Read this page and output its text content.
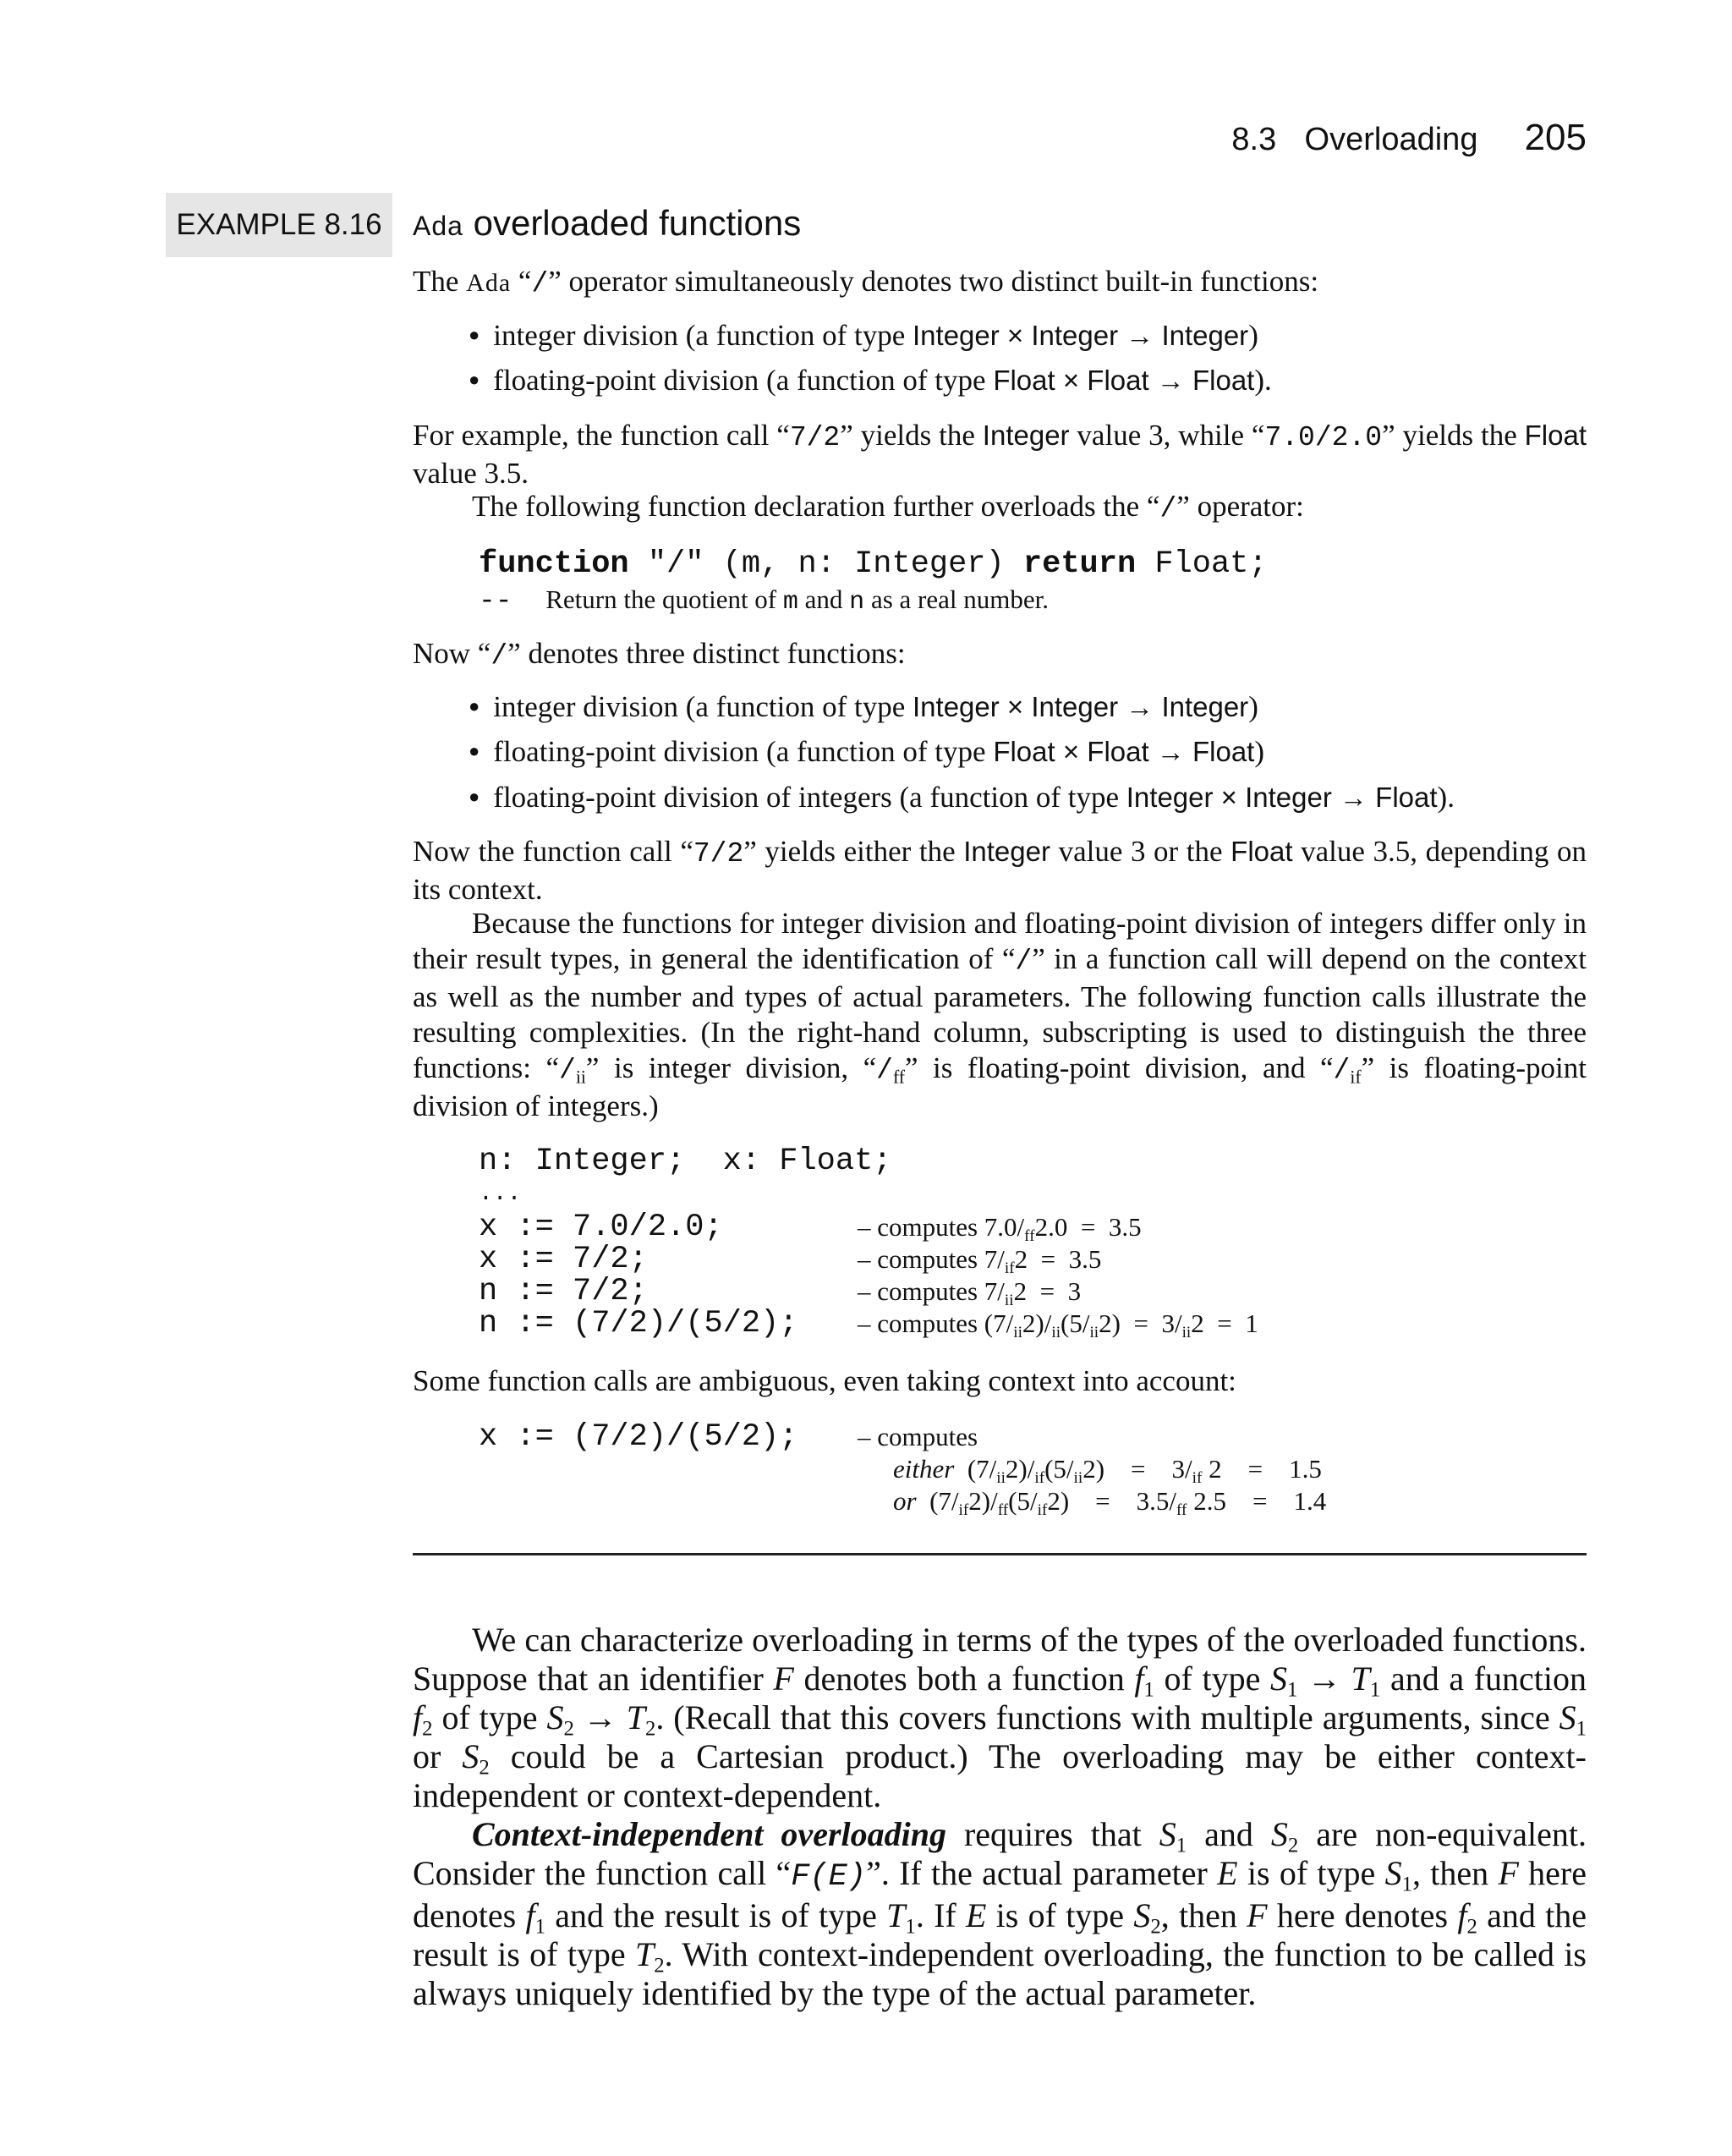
8.3 Overloading 205
EXAMPLE 8.16 Ada overloaded functions
The Ada “/” operator simultaneously denotes two distinct built-in functions:
● integer division (a function of type Integer × Integer → Integer)
● floating-point division (a function of type Float × Float → Float).
For example, the function call “7/2” yields the Integer value 3, while “7.0/2.0” yields the Float value 3.5.
The following function declaration further overloads the “/” operator:
function "/" (m, n: Integer) return Float;
-- Return the quotient of m and n as a real number.
Now “/” denotes three distinct functions:
● integer division (a function of type Integer × Integer → Integer)
● floating-point division (a function of type Float × Float → Float)
● floating-point division of integers (a function of type Integer × Integer → Float).
Now the function call “7/2” yields either the Integer value 3 or the Float value 3.5, depending on its context.
Because the functions for integer division and floating-point division of integers differ only in their result types, in general the identification of “/” in a function call will depend on the context as well as the number and types of actual parameters. The following function calls illustrate the resulting complexities. (In the right-hand column, subscripting is used to distinguish the three functions: “$/_{ii}$” is integer division, “$/_{ff}$” is floating-point division, and “$/_{if}$” is floating-point division of integers.)
n: Integer;  x: Float;
...
x := 7.0/2.0;
x := 7/2;
n := 7/2;
n := (7/2)/(5/2);
– computes $7.0/_{ff}2.0 = 3.5$
– computes $7/_{if}2 = 3.5$
– computes $7/_{ii}2 = 3$
– computes $(7/_{ii}2)/_{ii}(5/_{ii}2) = 3/_{ii}2 = 1$
Some function calls are ambiguous, even taking context into account:
x := (7/2)/(5/2); – computes
either $(7/_{ii}2)/_{if}(5/_{ii}2) = 3/_{if}$ 2 = 1.5
or $(7/_{if}2)/_{ff}(5/_{if}2) = 3.5/_{ff}$ 2.5 = 1.4
We can characterize overloading in terms of the types of the overloaded functions. Suppose that an identifier F denotes both a function $f_1$ of type $S_1 \to T_1$ and a function $f_2$ of type $S_2 \to T_2$. (Recall that this covers functions with multiple arguments, since $S_1$ or $S_2$ could be a Cartesian product.) The overloading may be either context-independent or context-dependent.
Context-independent overloading requires that $S_1$ and $S_2$ are non-equivalent. Consider the function call “F(E)”. If the actual parameter E is of type $S_1$, then F here denotes $f_1$ and the result is of type $T_1$. If E is of type $S_2$, then F here denotes $f_2$ and the result is of type $T_2$. With context-independent overloading, the function to be called is always uniquely identified by the type of the actual parameter.
